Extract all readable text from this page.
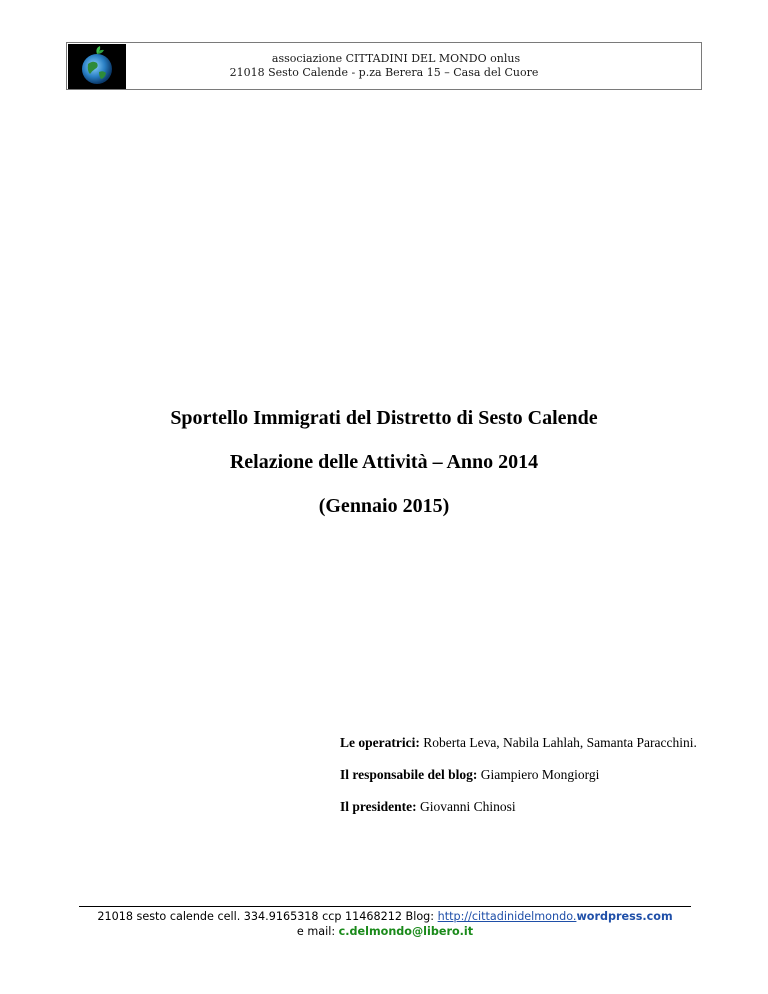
associazione CITTADINI DEL MONDO onlus
21018 Sesto Calende - p.za Berera 15 – Casa del Cuore
Sportello Immigrati del Distretto di Sesto Calende
Relazione delle Attività – Anno 2014
(Gennaio 2015)

Le operatrici: Roberta Leva, Nabila Lahlah, Samanta Paracchini.

Il responsabile del blog: Giampiero Mongiorgi

Il presidente: Giovanni Chinosi

21018 sesto calende cell. 334.9165318 ccp 11468212 Blog: http://cittadinidelmondo.wordpress.com
e mail: c.delmondo@libero.it
